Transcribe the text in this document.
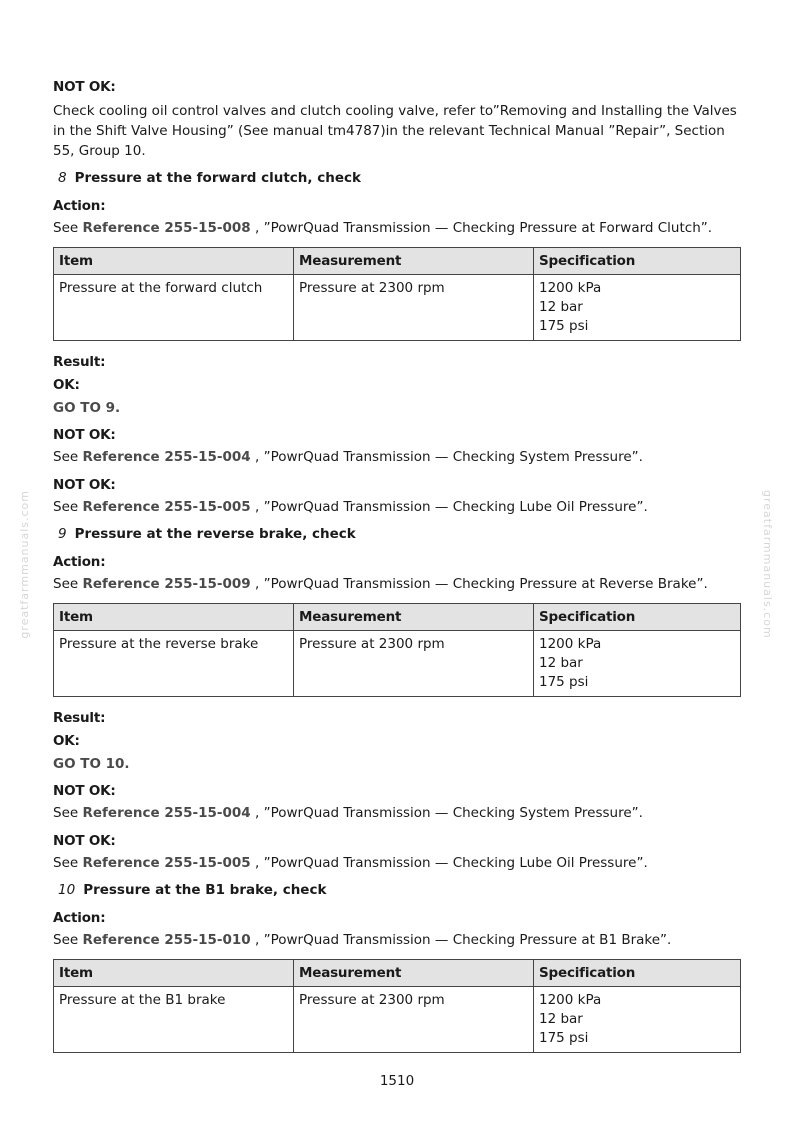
greatfarmmanuals.com	greatfarmmanuals.com

NOT OK:

Check cooling oil control valves and clutch cooling valve, refer to”Removing and Installing the Valves in the Shift Valve Housing” (See manual tm4787)in the relevant Technical Manual ”Repair”, Section 55, Group 10.

8 Pressure at the forward clutch, check

Action:

See Reference 255-15-008 , ”PowrQuad Transmission — Checking Pressure at Forward Clutch”.

Item	Measurement	Specification
Pressure at the forward clutch	Pressure at 2300 rpm	1200 kPa
12 bar
175 psi

Result:

OK:

GO TO 9.

NOT OK:

See Reference 255-15-004 , ”PowrQuad Transmission — Checking System Pressure”.

NOT OK:

See Reference 255-15-005 , ”PowrQuad Transmission — Checking Lube Oil Pressure”.

9 Pressure at the reverse brake, check

Action:

See Reference 255-15-009 , ”PowrQuad Transmission — Checking Pressure at Reverse Brake”.

Item	Measurement	Specification
Pressure at the reverse brake	Pressure at 2300 rpm	1200 kPa
12 bar
175 psi

Result:

OK:

GO TO 10.

NOT OK:

See Reference 255-15-004 , ”PowrQuad Transmission — Checking System Pressure”.

NOT OK:

See Reference 255-15-005 , ”PowrQuad Transmission — Checking Lube Oil Pressure”.

10 Pressure at the B1 brake, check

Action:

See Reference 255-15-010 , ”PowrQuad Transmission — Checking Pressure at B1 Brake”.

Item	Measurement	Specification
Pressure at the B1 brake	Pressure at 2300 rpm	1200 kPa
12 bar
175 psi
1510
